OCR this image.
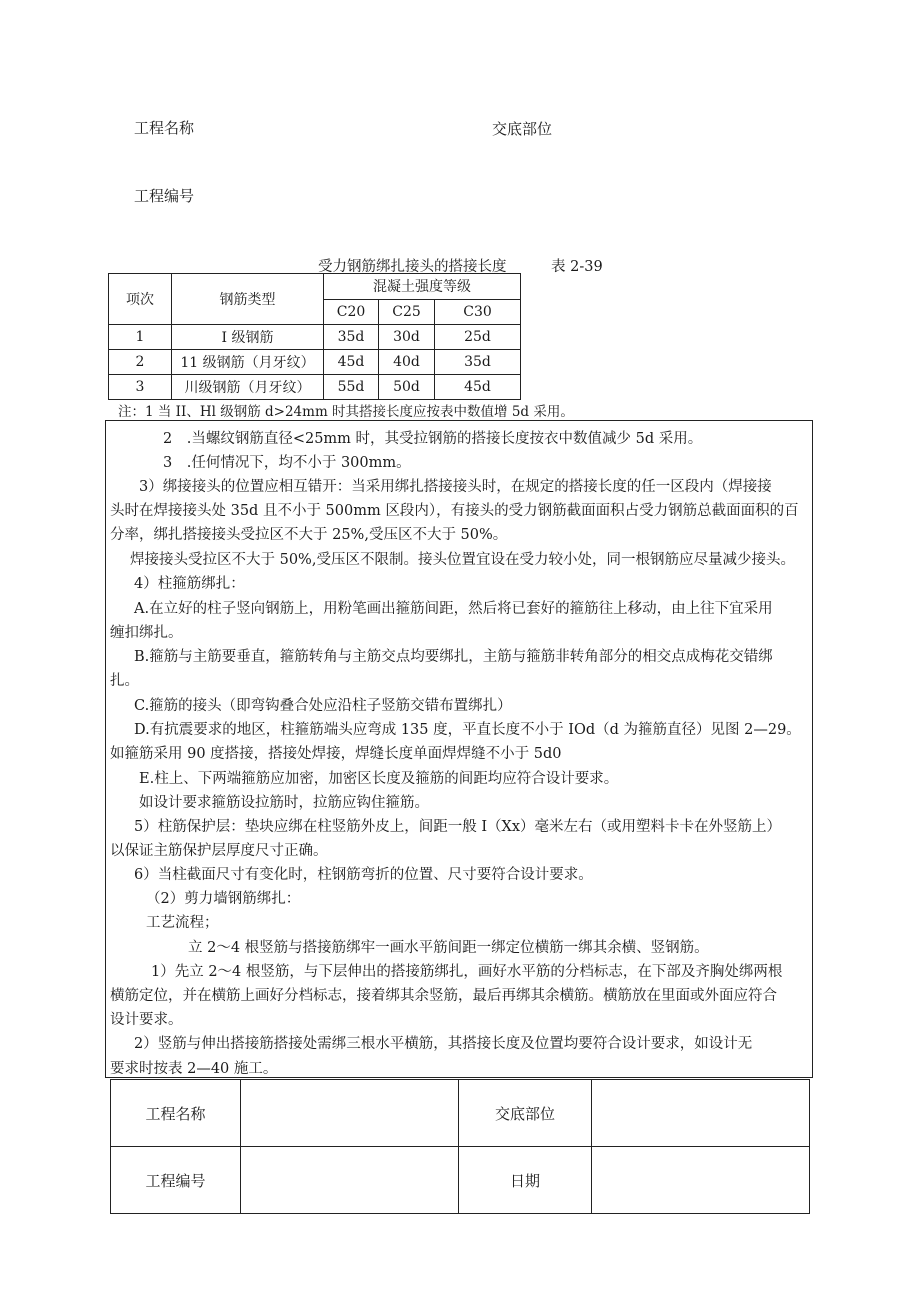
工程名称	交底部位
工程编号
受力钢筋绑扎接头的搭接长度	表 2-39
项次	钢筋类型	混凝土强度等级		
		C20	C25	C30
1	I 级钢筋	35d	30d	25d
2	11 级钢筋（月牙纹）	45d	40d	35d
3	川级钢筋（月牙纹）	55d	50d	45d
注：1 当 II、Hl 级钢筋 d>24mm 时其搭接长度应按表中数值增 5d 采用。
2　.当螺纹钢筋直径<25mm 时，其受拉钢筋的搭接长度按衣中数值减少 5d 采用。
3　.任何情况下，均不小于 300mm。
3）绑接接头的位置应相互错开：当采用绑扎搭接接头时，在规定的搭接长度的任一区段内（焊接接
头时在焊接接头处 35d 且不小于 500mm 区段内），有接头的受力钢筋截面面积占受力钢筋总截面面积的百
分率，绑扎搭接接头受拉区不大于 25%,受压区不大于 50%。
焊接接头受拉区不大于 50%,受压区不限制。接头位置宜设在受力较小处，同一根钢筋应尽量减少接头。
4）柱箍筋绑扎：
A.在立好的柱子竖向钢筋上，用粉笔画出箍筋间距，然后将已套好的箍筋往上移动，由上往下宜采用
缠扣绑扎。
B.箍筋与主筋要垂直，箍筋转角与主筋交点均要绑扎，主筋与箍筋非转角部分的相交点成梅花交错绑
扎。
C.箍筋的接头（即弯钩叠合处应沿柱子竖筋交错布置绑扎）
D.有抗震要求的地区，柱箍筋端头应弯成 135 度，平直长度不小于 IOd（d 为箍筋直径）见图 2—29。
如箍筋采用 90 度搭接，搭接处焊接，焊缝长度单面焊焊缝不小于 5d0
E.柱上、下两端箍筋应加密，加密区长度及箍筋的间距均应符合设计要求。
如设计要求箍筋设拉筋时，拉筋应钩住箍筋。
5）柱筋保护层：垫块应绑在柱竖筋外皮上，间距一般 I（Xx）毫米左右（或用塑料卡卡在外竖筋上）
以保证主筋保护层厚度尺寸正确。
6）当柱截面尺寸有变化时，柱钢筋弯折的位置、尺寸要符合设计要求。
（2）剪力墙钢筋绑扎：
工艺流程；
立 2～4 根竖筋与搭接筋绑牢一画水平筋间距一绑定位横筋一绑其余横、竖钢筋。
1）先立 2～4 根竖筋，与下层伸出的搭接筋绑扎，画好水平筋的分档标志，在下部及齐胸处绑两根
横筋定位，并在横筋上画好分档标志，接着绑其余竖筋，最后再绑其余横筋。横筋放在里面或外面应符合
设计要求。
2）竖筋与伸出搭接筋搭接处需绑三根水平横筋，其搭接长度及位置均要符合设计要求，如设计无
要求时按表 2—40 施工。
工程名称		交底部位	
工程编号		日期	
